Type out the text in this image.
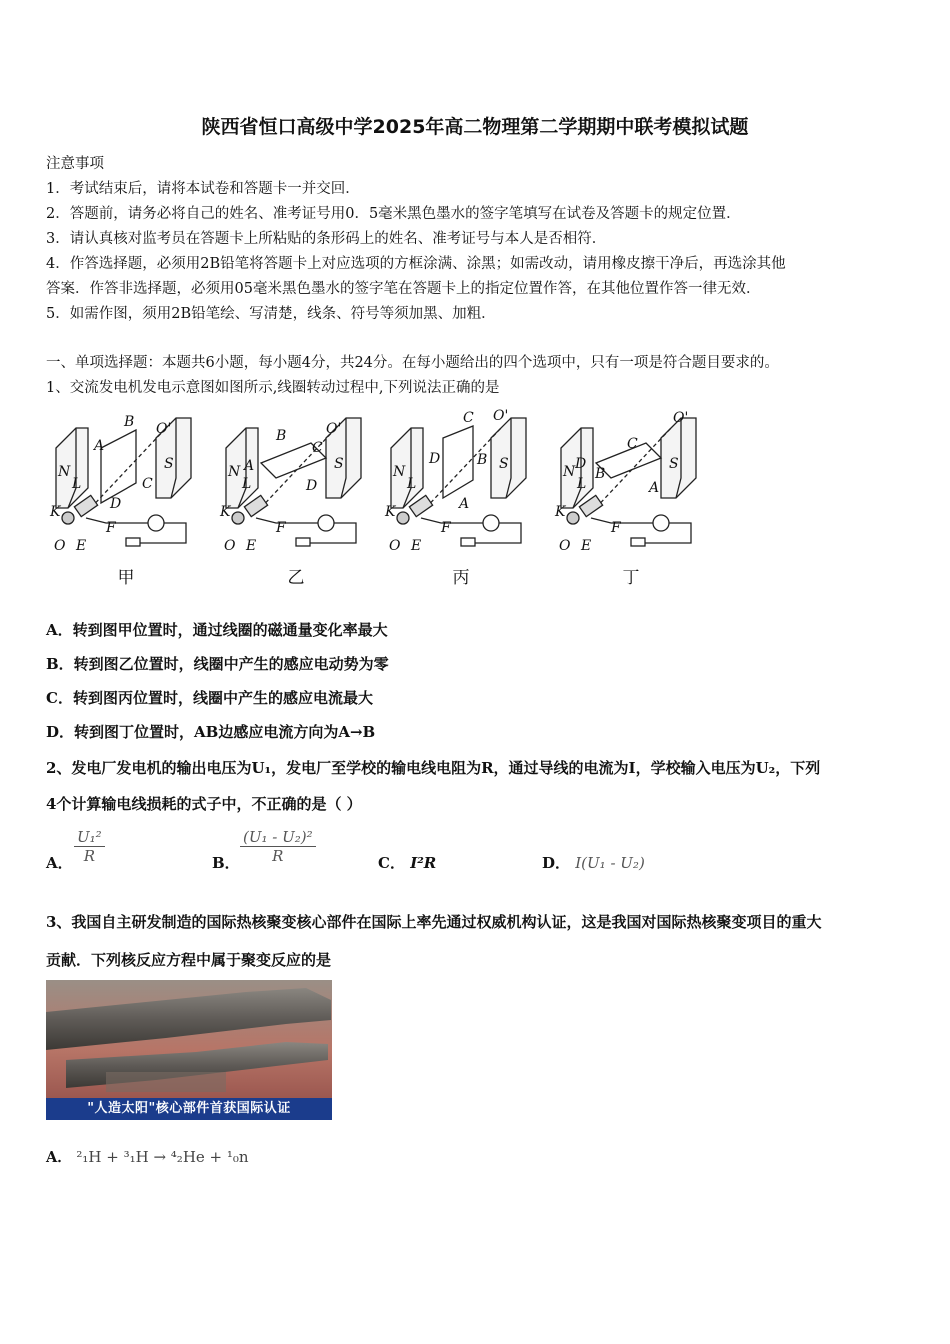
陕西省恒口高级中学2025年高二物理第二学期期中联考模拟试题
注意事项
1．考试结束后，请将本试卷和答题卡一并交回．
2．答题前，请务必将自己的姓名、准考证号用0．5毫米黑色墨水的签字笔填写在试卷及答题卡的规定位置．
3．请认真核对监考员在答题卡上所粘贴的条形码上的姓名、准考证号与本人是否相符．
4．作答选择题，必须用2B铅笔将答题卡上对应选项的方框涂满、涂黑；如需改动，请用橡皮擦干净后，再选涂其他
答案．作答非选择题，必须用05毫米黑色墨水的签字笔在答题卡上的指定位置作答，在其他位置作答一律无效．
5．如需作图，须用2B铅笔绘、写清楚，线条、符号等须加黑、加粗．
一、单项选择题：本题共6小题，每小题4分，共24分。在每小题给出的四个选项中，只有一项是符合题目要求的。
1、交流发电机发电示意图如图所示,线圈转动过程中,下列说法正确的是
N	S
B O'
A
C
D
L
K
F
O E
甲
N	S
B	O'
A
C
D
L
K
F
O E
乙
N	S
C O'
D	B
A
L
K
F
O E
丙
N	S
C
O'
D
B
A
L
K
F
O E
丁
A．转到图甲位置时，通过线圈的磁通量变化率最大
B．转到图乙位置时，线圈中产生的感应电动势为零
C．转到图丙位置时，线圈中产生的感应电流最大
D．转到图丁位置时，AB边感应电流方向为A→B
2、发电厂发电机的输出电压为U₁，发电厂至学校的输电线电阻为R，通过导线的电流为I，学校输入电压为U₂，下列
4个计算输电线损耗的式子中，不正确的是（ ）
A． $\frac{\text{U₁²}}{R}$	B． $\frac{\text{(U₁ - U₂)²}}{R}$	C． I²R	D． I(U₁ - U₂)
3、我国自主研发制造的国际热核聚变核心部件在国际上率先通过权威机构认证，这是我国对国际热核聚变项目的重大
贡献．下列核反应方程中属于聚变反应的是
"人造太阳"核心部件首获国际认证
A． ²₁H + ³₁H → ⁴₂He + ¹₀n
